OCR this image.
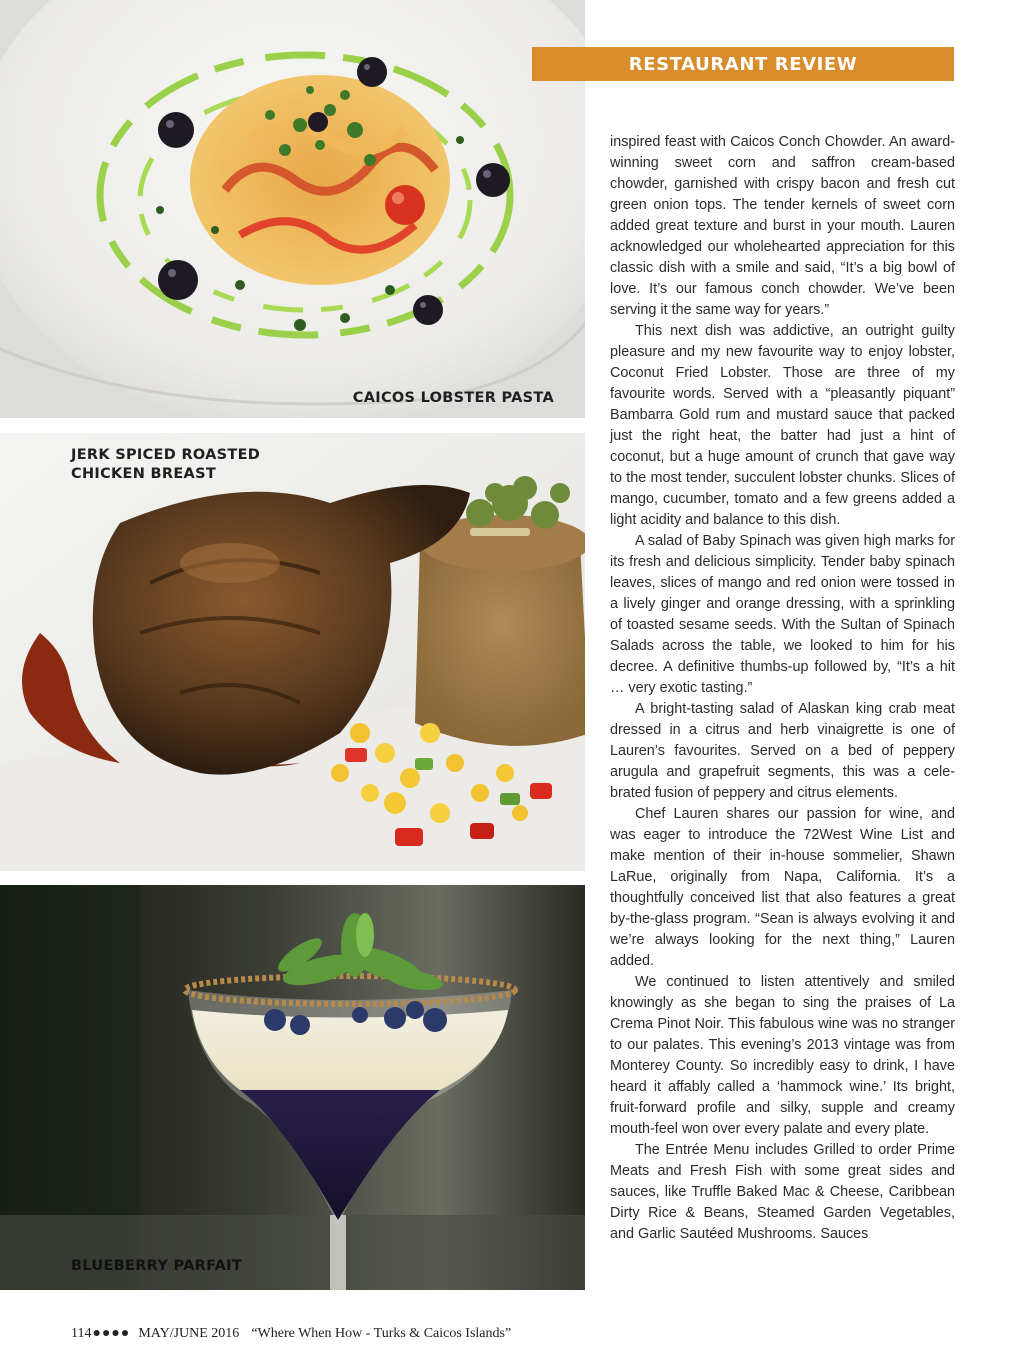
CAICOS LOBSTER PASTA
JERK SPICED ROASTED
CHICKEN BREAST
BLUEBERRY PARFAIT
RESTAURANT REVIEW

inspired feast with Caicos Conch Chowder. An award-winning sweet corn and saffron cream-based chowder, garnished with crispy bacon and fresh cut green onion tops. The tender kernels of sweet corn added great texture and burst in your mouth. Lauren acknowledged our wholehearted appreciation for this classic dish with a smile and said, “It’s a big bowl of love. It’s our famous conch chowder. We’ve been serving it the same way for years.”

This next dish was addictive, an outright guilty pleasure and my new favourite way to enjoy lobster, Coconut Fried Lobster. Those are three of my favourite words. Served with a “pleasantly piquant” Bambarra Gold rum and mustard sauce that packed just the right heat, the batter had just a hint of coconut, but a huge amount of crunch that gave way to the most tender, succulent lobster chunks. Slices of mango, cucumber, tomato and a few greens added a light acidity and balance to this dish.

A salad of Baby Spinach was given high marks for its fresh and delicious simplicity. Tender baby spinach leaves, slices of mango and red onion were tossed in a lively ginger and orange dressing, with a sprinkling of toasted sesame seeds. With the Sultan of Spinach Salads across the table, we looked to him for his decree. A definitive thumbs-up followed by, “It’s a hit … very exotic tasting.”

A bright-tasting salad of Alaskan king crab meat dressed in a citrus and herb vinaigrette is one of Lauren’s favourites. Served on a bed of peppery arugula and grapefruit segments, this was a celebrated fusion of peppery and citrus elements.

Chef Lauren shares our passion for wine, and was eager to introduce the 72West Wine List and make mention of their in-house sommelier, Shawn LaRue, originally from Napa, California. It’s a thoughtfully conceived list that also features a great by-the-glass program. “Sean is always evolving it and we’re always looking for the next thing,” Lauren added.

We continued to listen attentively and smiled knowingly as she began to sing the praises of La Crema Pinot Noir. This fabulous wine was no stranger to our palates. This evening’s 2013 vintage was from Monterey County. So incredibly easy to drink, I have heard it affably called a ‘hammock wine.’ Its bright, fruit-forward profile and silky, supple and creamy mouth-feel won over every palate and every plate.

The Entrée Menu includes Grilled to order Prime Meats and Fresh Fish with some great sides and sauces, like Truffle Baked Mac & Cheese, Caribbean Dirty Rice & Beans, Steamed Garden Vegetables, and Garlic Sautéed Mushrooms. Sauces

114●●●● MAY/JUNE 2016 “Where When How - Turks & Caicos Islands”
